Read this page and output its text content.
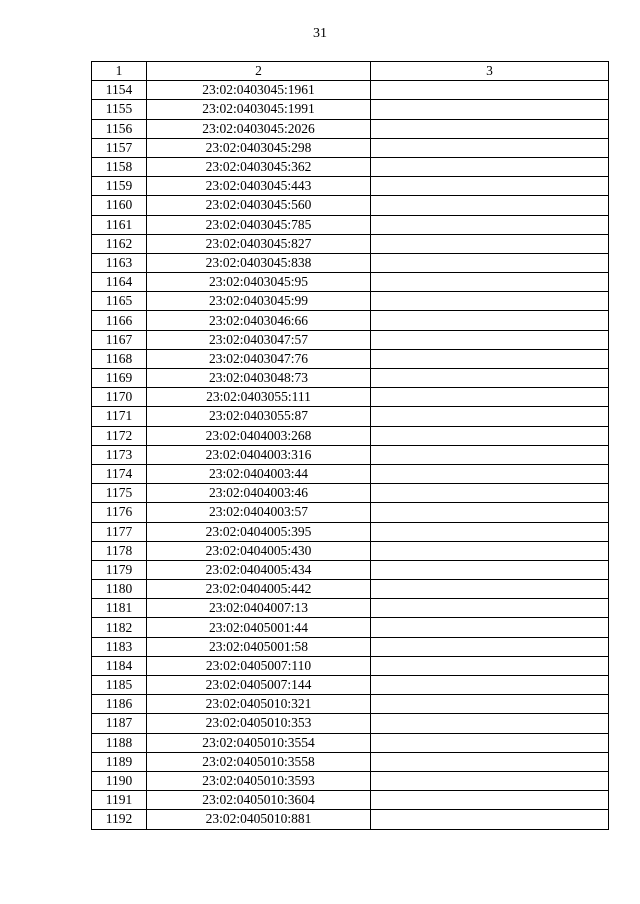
31
1	2	3
1154	23:02:0403045:1961	
1155	23:02:0403045:1991	
1156	23:02:0403045:2026	
1157	23:02:0403045:298	
1158	23:02:0403045:362	
1159	23:02:0403045:443	
1160	23:02:0403045:560	
1161	23:02:0403045:785	
1162	23:02:0403045:827	
1163	23:02:0403045:838	
1164	23:02:0403045:95	
1165	23:02:0403045:99	
1166	23:02:0403046:66	
1167	23:02:0403047:57	
1168	23:02:0403047:76	
1169	23:02:0403048:73	
1170	23:02:0403055:111	
1171	23:02:0403055:87	
1172	23:02:0404003:268	
1173	23:02:0404003:316	
1174	23:02:0404003:44	
1175	23:02:0404003:46	
1176	23:02:0404003:57	
1177	23:02:0404005:395	
1178	23:02:0404005:430	
1179	23:02:0404005:434	
1180	23:02:0404005:442	
1181	23:02:0404007:13	
1182	23:02:0405001:44	
1183	23:02:0405001:58	
1184	23:02:0405007:110	
1185	23:02:0405007:144	
1186	23:02:0405010:321	
1187	23:02:0405010:353	
1188	23:02:0405010:3554	
1189	23:02:0405010:3558	
1190	23:02:0405010:3593	
1191	23:02:0405010:3604	
1192	23:02:0405010:881	
